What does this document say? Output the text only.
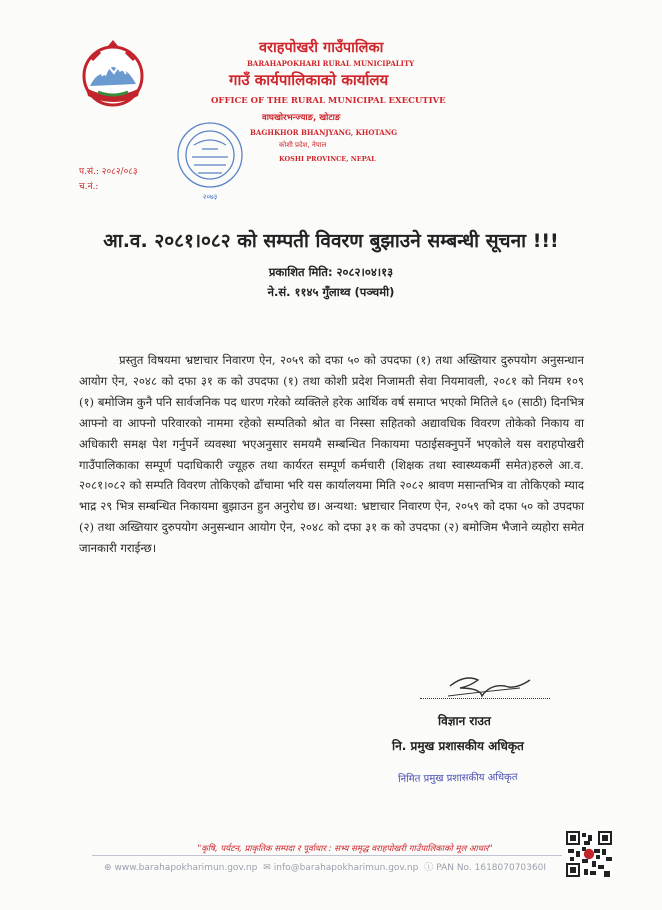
वराहपोखरी गाउँपालिका
BARAHAPOKHARI RURAL MUNICIPALITY
गाउँ कार्यपालिकाको कार्यालय
OFFICE OF THE RURAL MUNICIPAL EXECUTIVE
वाघखोरभन्ज्याङ, खोटाङ
BAGHKHOR BHANJYANG, KHOTANG
कोशी प्रदेश, नेपाल
KOSHI PROVINCE, NEPAL
२०७३
प.सं.: २०८२/०८३
च.नं.:
आ.व. २०८१।०८२ को सम्पती विवरण बुझाउने सम्बन्धी सूचना !!!
प्रकाशित मिति: २०८२।०४।१३
ने.सं. ११४५ गुँलाथ्व (पञ्चमी)
प्रस्तुत विषयमा भ्रष्टाचार निवारण ऐन, २०५९ को दफा ५० को उपदफा (१) तथा अख्तियार दुरुपयोग अनुसन्धान आयोग ऐन, २०४८ को दफा ३१ क को उपदफा (१) तथा कोशी प्रदेश निजामती सेवा नियमावली, २०८१ को नियम १०९ (१) बमोजिम कुनै पनि सार्वजनिक पद धारण गरेको व्यक्तिले हरेक आर्थिक वर्ष समाप्त भएको मितिले ६० (साठी) दिनभित्र आफ्नो वा आफ्नो परिवारको नाममा रहेको सम्पतिको श्रोत वा निस्सा सहितको अद्यावधिक विवरण तोकेको निकाय वा अधिकारी समक्ष पेश गर्नुपर्ने व्यवस्था भएअनुसार समयमै सम्बन्धित निकायमा पठाईसक्नुपर्ने भएकोले यस वराहपोखरी गाउँपालिकाका सम्पूर्ण पदाधिकारी ज्यूहरु तथा कार्यरत सम्पूर्ण कर्मचारी (शिक्षक तथा स्वास्थ्यकर्मी समेत)हरुले आ.व. २०८१।०८२ को सम्पति विवरण तोकिएको ढाँचामा भरि यस कार्यालयमा मिति २०८२ श्रावण मसान्तभित्र वा तोकिएको म्याद भाद्र २९ भित्र सम्बन्धित निकायमा बुझाउन हुन अनुरोध छ। अन्यथा: भ्रष्टाचार निवारण ऐन, २०५९ को दफा ५० को उपदफा (२) तथा अख्तियार दुरुपयोग अनुसन्धान आयोग ऐन, २०४८ को दफा ३१ क को उपदफा (२) बमोजिम भैजाने व्यहोरा समेत जानकारी गराईन्छ।
विज्ञान राउत
नि. प्रमुख प्रशासकीय अधिकृत
निमित प्रमुख प्रशासकीय अधिकृत
"कृषि, पर्यटन, प्राकृतिक सम्पदा र पूर्वाधार : सभ्य समृद्ध वराहपोखरी गाउँपालिकाको मूल आधार"
⊕ www.barahapokharimun.gov.np ✉ info@barahapokharimun.gov.np ⓘ PAN No. 161807070360I
